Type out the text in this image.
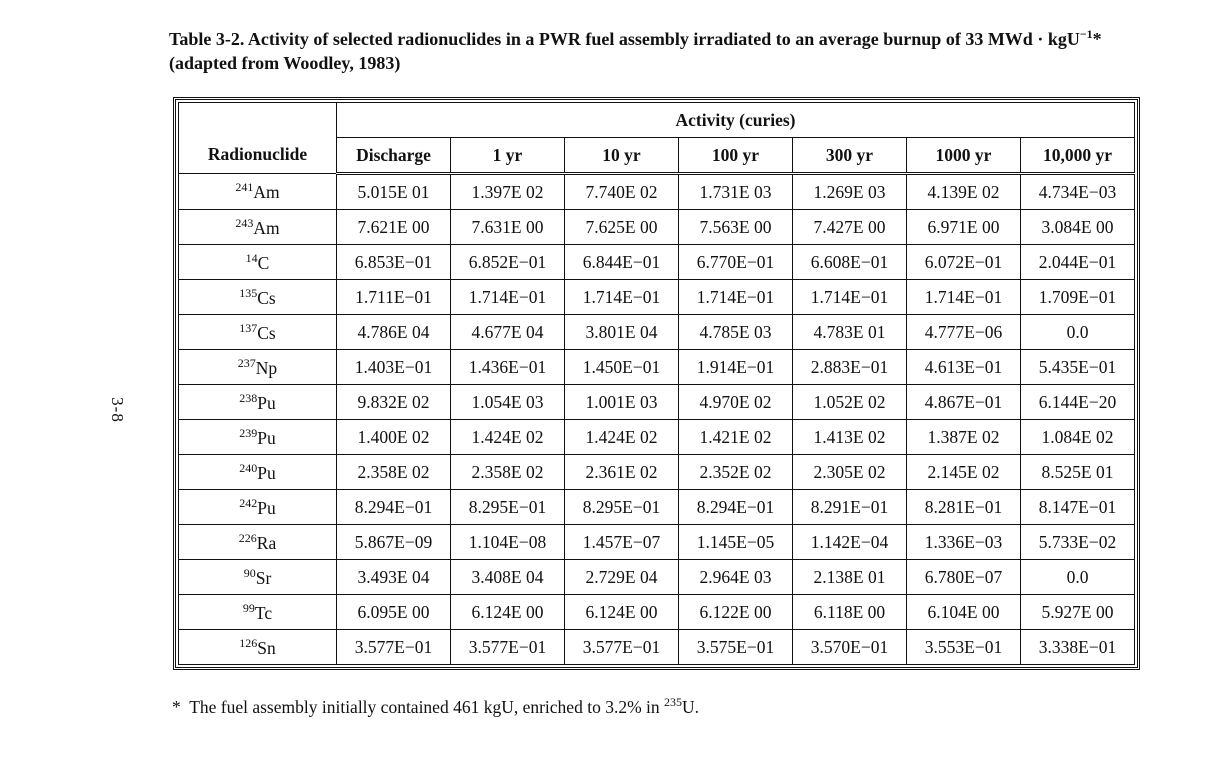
3-8
Table 3-2. Activity of selected radionuclides in a PWR fuel assembly irradiated to an average burnup of 33 MWd · kgU$^{-1}$*
(adapted from Woodley, 1983)
Radionuclide	Activity (curies)						
	Discharge	1 yr	10 yr	100 yr	300 yr	1000 yr	10,000 yr
$^{241}$Am	5.015E 01	1.397E 02	7.740E 02	1.731E 03	1.269E 03	4.139E 02	4.734E−03
$^{243}$Am	7.621E 00	7.631E 00	7.625E 00	7.563E 00	7.427E 00	6.971E 00	3.084E 00
$^{14}$C	6.853E−01	6.852E−01	6.844E−01	6.770E−01	6.608E−01	6.072E−01	2.044E−01
$^{135}$Cs	1.711E−01	1.714E−01	1.714E−01	1.714E−01	1.714E−01	1.714E−01	1.709E−01
$^{137}$Cs	4.786E 04	4.677E 04	3.801E 04	4.785E 03	4.783E 01	4.777E−06	0.0
$^{237}$Np	1.403E−01	1.436E−01	1.450E−01	1.914E−01	2.883E−01	4.613E−01	5.435E−01
$^{238}$Pu	9.832E 02	1.054E 03	1.001E 03	4.970E 02	1.052E 02	4.867E−01	6.144E−20
$^{239}$Pu	1.400E 02	1.424E 02	1.424E 02	1.421E 02	1.413E 02	1.387E 02	1.084E 02
$^{240}$Pu	2.358E 02	2.358E 02	2.361E 02	2.352E 02	2.305E 02	2.145E 02	8.525E 01
$^{242}$Pu	8.294E−01	8.295E−01	8.295E−01	8.294E−01	8.291E−01	8.281E−01	8.147E−01
$^{226}$Ra	5.867E−09	1.104E−08	1.457E−07	1.145E−05	1.142E−04	1.336E−03	5.733E−02
$^{90}$Sr	3.493E 04	3.408E 04	2.729E 04	2.964E 03	2.138E 01	6.780E−07	0.0
$^{99}$Tc	6.095E 00	6.124E 00	6.124E 00	6.122E 00	6.118E 00	6.104E 00	5.927E 00
$^{126}$Sn	3.577E−01	3.577E−01	3.577E−01	3.575E−01	3.570E−01	3.553E−01	3.338E−01
* The fuel assembly initially contained 461 kgU, enriched to 3.2% in $^{235}$U.
